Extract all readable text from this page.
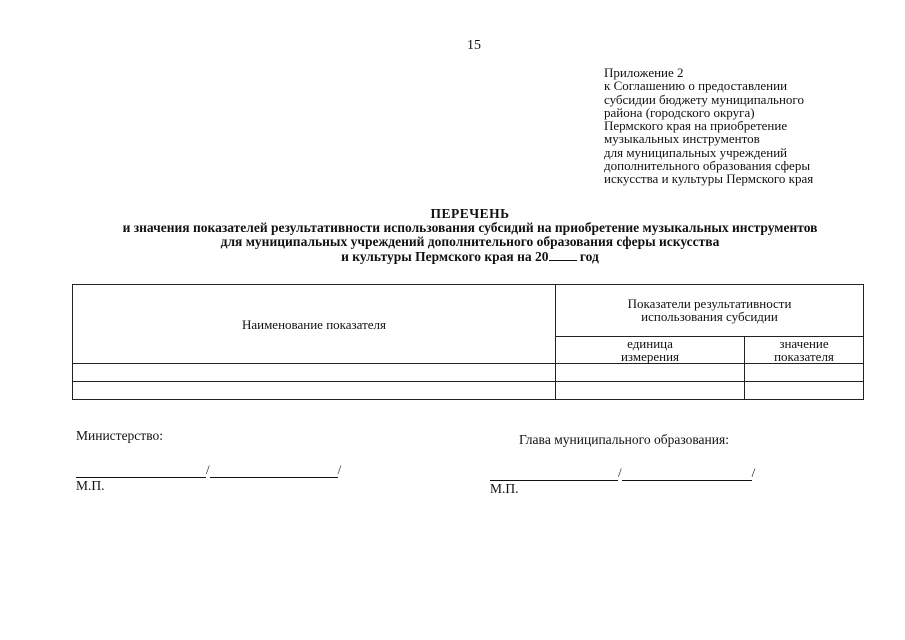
15
Приложение 2
к Соглашению о предоставлении
субсидии бюджету муниципального
района (городского округа)
Пермского края на приобретение
музыкальных инструментов
для муниципальных учреждений
дополнительного образования сферы
искусства и культуры Пермского края
ПЕРЕЧЕНЬ
и значения показателей результативности использования субсидий на приобретение музыкальных инструментов
для муниципальных учреждений дополнительного образования сферы искусства
и культуры Пермского края на 20 год
Наименование показателя	Показатели результативности использования субсидии	

	единица измерения	значение показателя

Министерство:	Главa муниципального образования:
/	/	/	/
М.П.	М.П.
